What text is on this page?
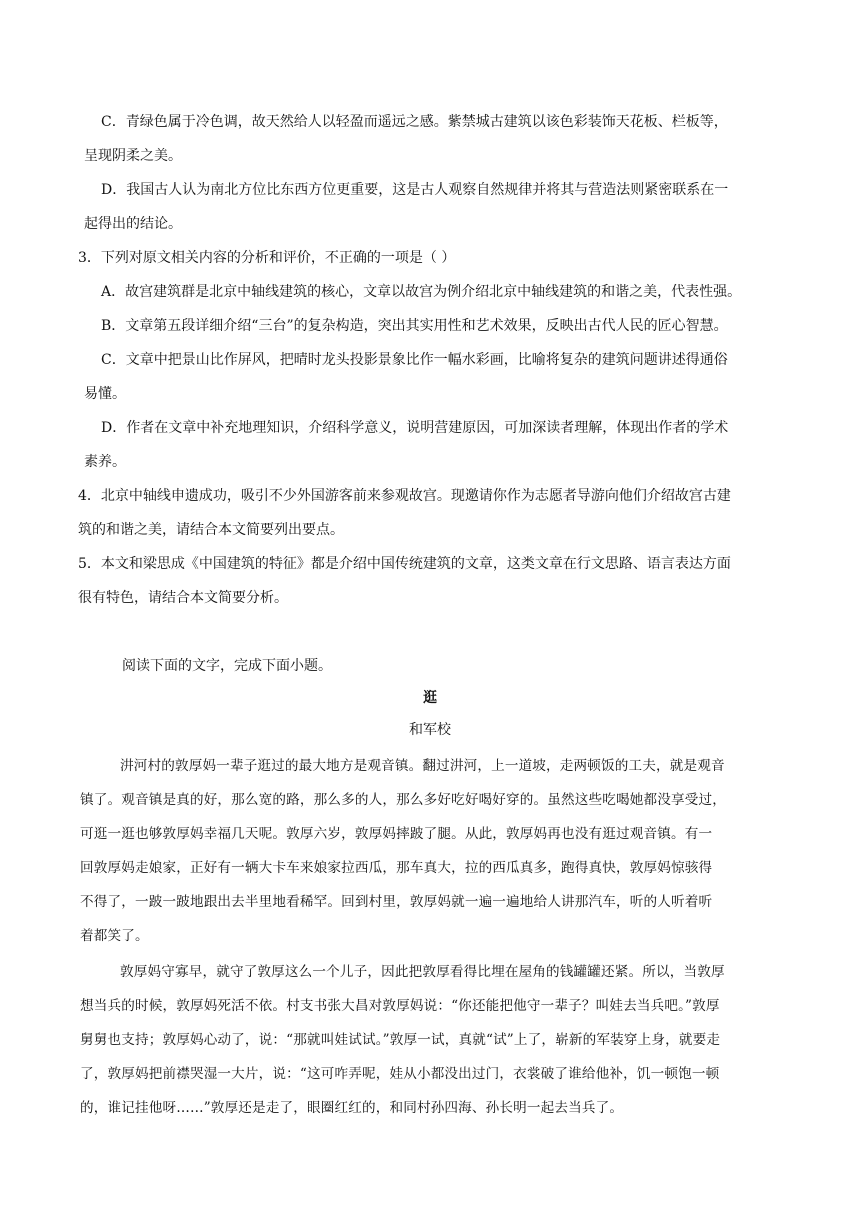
C．青绿色属于冷色调，故天然给人以轻盈而遥远之感。紫禁城古建筑以该色彩装饰天花板、栏板等，
呈现阴柔之美。
D．我国古人认为南北方位比东西方位更重要，这是古人观察自然规律并将其与营造法则紧密联系在一
起得出的结论。
3．下列对原文相关内容的分析和评价，不正确的一项是（ ）
A．故宫建筑群是北京中轴线建筑的核心，文章以故宫为例介绍北京中轴线建筑的和谐之美，代表性强。
B．文章第五段详细介绍“三台”的复杂构造，突出其实用性和艺术效果，反映出古代人民的匠心智慧。
C．文章中把景山比作屏风，把晴时龙头投影景象比作一幅水彩画，比喻将复杂的建筑问题讲述得通俗
易懂。
D．作者在文章中补充地理知识，介绍科学意义，说明营建原因，可加深读者理解，体现出作者的学术
素养。
4．北京中轴线申遗成功，吸引不少外国游客前来参观故宫。现邀请你作为志愿者导游向他们介绍故宫古建
筑的和谐之美，请结合本文简要列出要点。
5．本文和梁思成《中国建筑的特征》都是介绍中国传统建筑的文章，这类文章在行文思路、语言表达方面
很有特色，请结合本文简要分析。
阅读下面的文字，完成下面小题。
逛
和军校
汫河村的敦厚妈一辈子逛过的最大地方是观音镇。翻过汫河，上一道坡，走两顿饭的工夫，就是观音
镇了。观音镇是真的好，那么宽的路，那么多的人，那么多好吃好喝好穿的。虽然这些吃喝她都没享受过，
可逛一逛也够敦厚妈幸福几天呢。敦厚六岁，敦厚妈摔跛了腿。从此，敦厚妈再也没有逛过观音镇。有一
回敦厚妈走娘家，正好有一辆大卡车来娘家拉西瓜，那车真大，拉的西瓜真多，跑得真快，敦厚妈惊骇得
不得了，一跛一跛地跟出去半里地看稀罕。回到村里，敦厚妈就一遍一遍地给人讲那汽车，听的人听着听
着都笑了。
敦厚妈守寡早，就守了敦厚这么一个儿子，因此把敦厚看得比埋在屋角的钱罐罐还紧。所以，当敦厚
想当兵的时候，敦厚妈死活不依。村支书张大昌对敦厚妈说：“你还能把他守一辈子？叫娃去当兵吧。”敦厚
舅舅也支持；敦厚妈心动了，说：“那就叫娃试试。”敦厚一试，真就“试”上了，崭新的军装穿上身，就要走
了，敦厚妈把前襟哭湿一大片，说：“这可咋弄呢，娃从小都没出过门，衣裳破了谁给他补，饥一顿饱一顿
的，谁记挂他呀……”敦厚还是走了，眼圈红红的，和同村孙四海、孙长明一起去当兵了。
